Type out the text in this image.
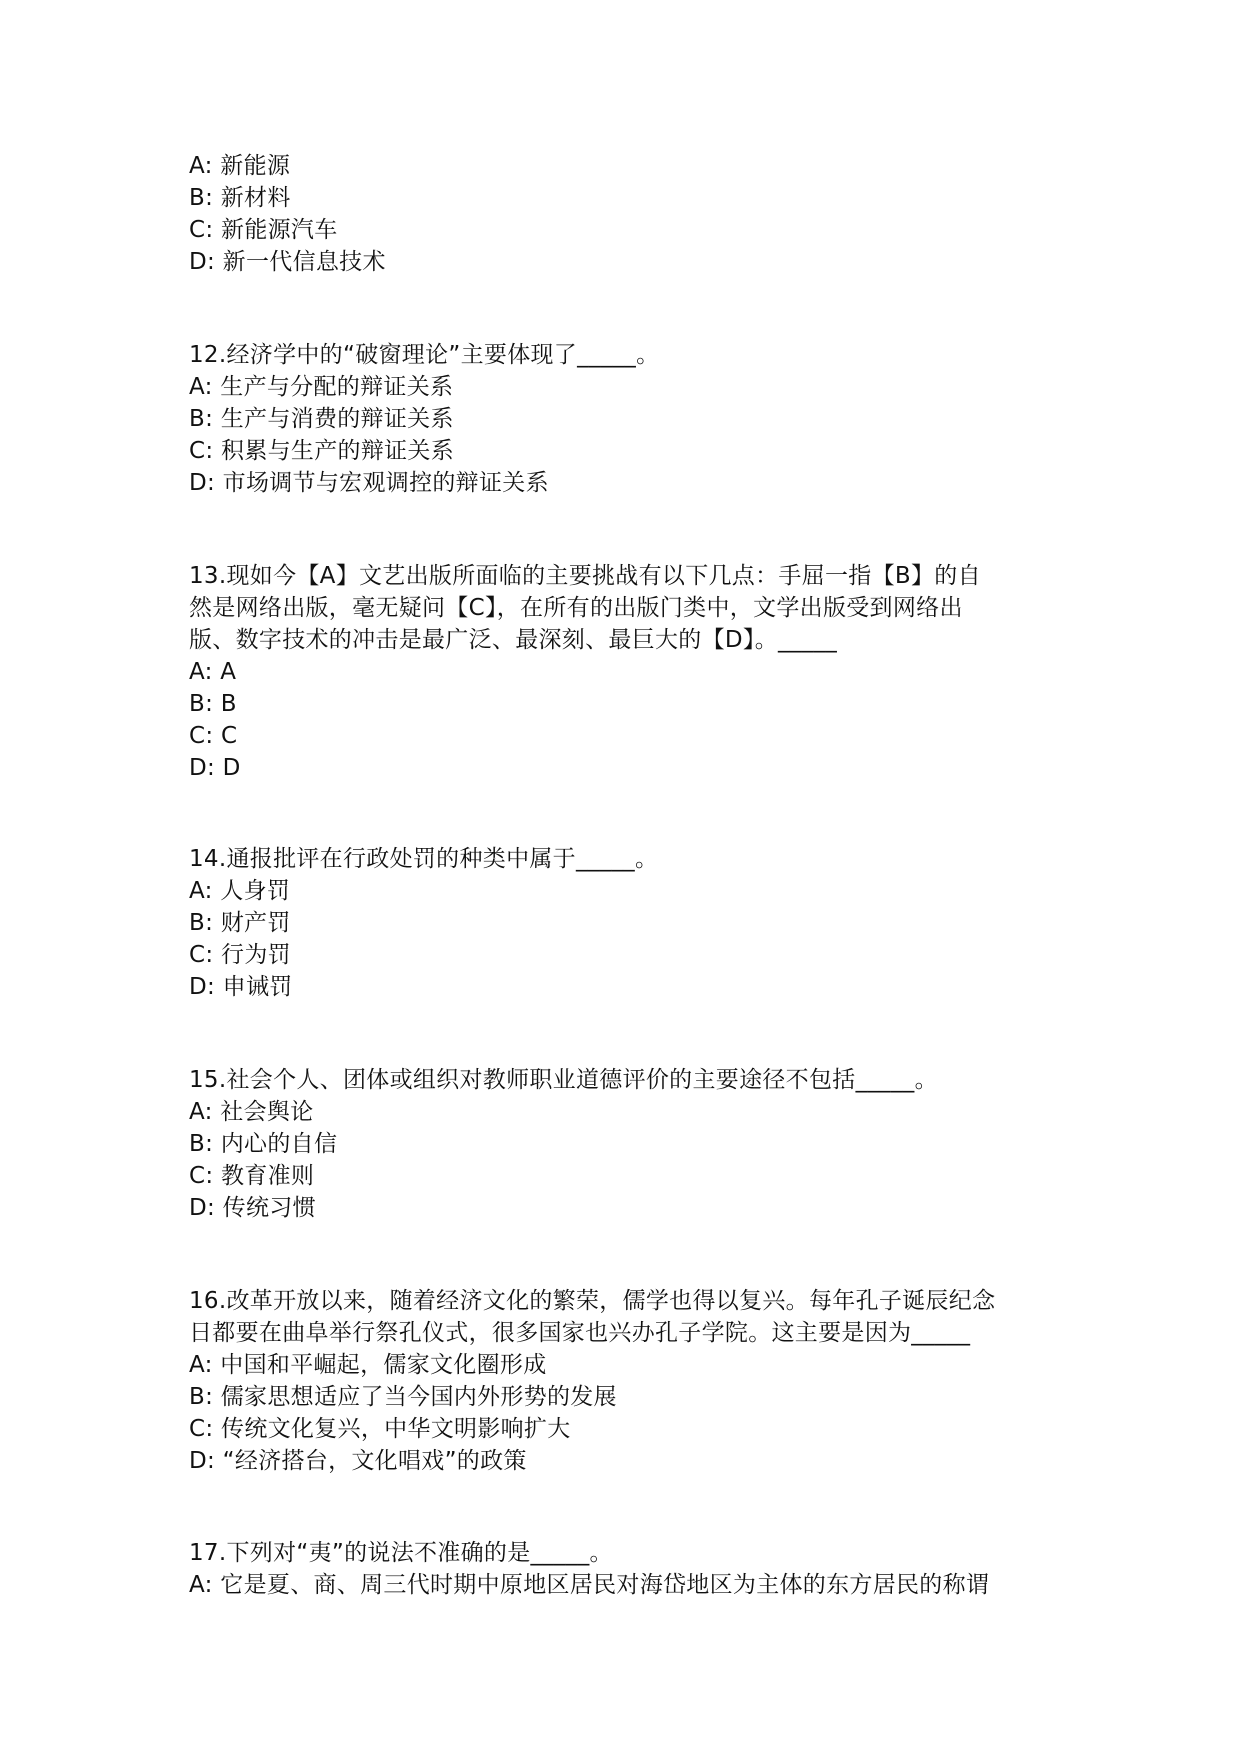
A: 新能源
B: 新材料
C: 新能源汽车
D: 新一代信息技术
12.经济学中的“破窗理论”主要体现了_____。
A: 生产与分配的辩证关系
B: 生产与消费的辩证关系
C: 积累与生产的辩证关系
D: 市场调节与宏观调控的辩证关系
13.现如今【A】文艺出版所面临的主要挑战有以下几点：手屈一指【B】的自
然是网络出版，毫无疑问【C】，在所有的出版门类中，文学出版受到网络出
版、数字技术的冲击是最广泛、最深刻、最巨大的【D】。_____
A: A
B: B
C: C
D: D
14.通报批评在行政处罚的种类中属于_____。
A: 人身罚
B: 财产罚
C: 行为罚
D: 申诫罚
15.社会个人、团体或组织对教师职业道德评价的主要途径不包括_____。
A: 社会舆论
B: 内心的自信
C: 教育准则
D: 传统习惯
16.改革开放以来，随着经济文化的繁荣，儒学也得以复兴。每年孔子诞辰纪念
日都要在曲阜举行祭孔仪式，很多国家也兴办孔子学院。这主要是因为_____
A: 中国和平崛起，儒家文化圈形成
B: 儒家思想适应了当今国内外形势的发展
C: 传统文化复兴，中华文明影响扩大
D: “经济搭台，文化唱戏”的政策
17.下列对“夷”的说法不准确的是_____。
A: 它是夏、商、周三代时期中原地区居民对海岱地区为主体的东方居民的称谓
